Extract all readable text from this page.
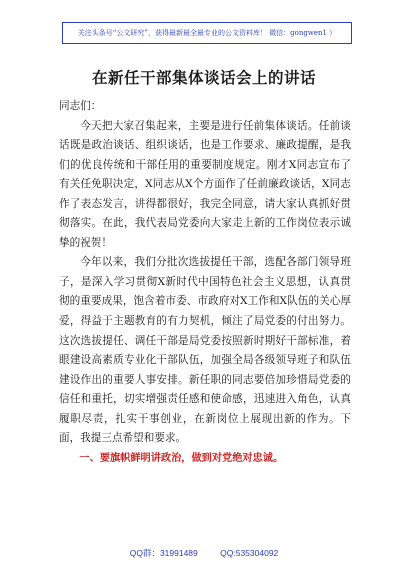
关注头条号“公文研究”，获得最新最全最专业的公文资料库！ 微信：gongwen1 ）
在新任干部集体谈话会上的讲话

同志们：

今天把大家召集起来，主要是进行任前集体谈话。任前谈话既是政治谈话、组织谈话，也是工作要求、廉政提醒，是我们的优良传统和干部任用的重要制度规定。刚才X同志宣布了有关任免职决定，X同志从X个方面作了任前廉政谈话，X同志作了表态发言，讲得都很好，我完全同意，请大家认真抓好贯彻落实。在此，我代表局党委向大家走上新的工作岗位表示诚挚的祝贺！

今年以来，我们分批次选拔提任干部，选配各部门领导班子，是深入学习贯彻X新时代中国特色社会主义思想，认真贯彻的重要成果，饱含着市委、市政府对X工作和X队伍的关心厚爱，得益于主题教育的有力契机，倾注了局党委的付出努力。这次选拔提任、调任干部是局党委按照新时期好干部标准，着眼建设高素质专业化干部队伍，加强全局各级领导班子和队伍建设作出的重要人事安排。新任职的同志要倍加珍惜局党委的信任和重托，切实增强责任感和使命感，迅速进入角色，认真履职尽责，扎实干事创业，在新岗位上展现出新的作为。下面，我提三点希望和要求。

一、要旗帜鲜明讲政治，做到对党绝对忠诚。

QQ群：31991489	QQ:535304092
